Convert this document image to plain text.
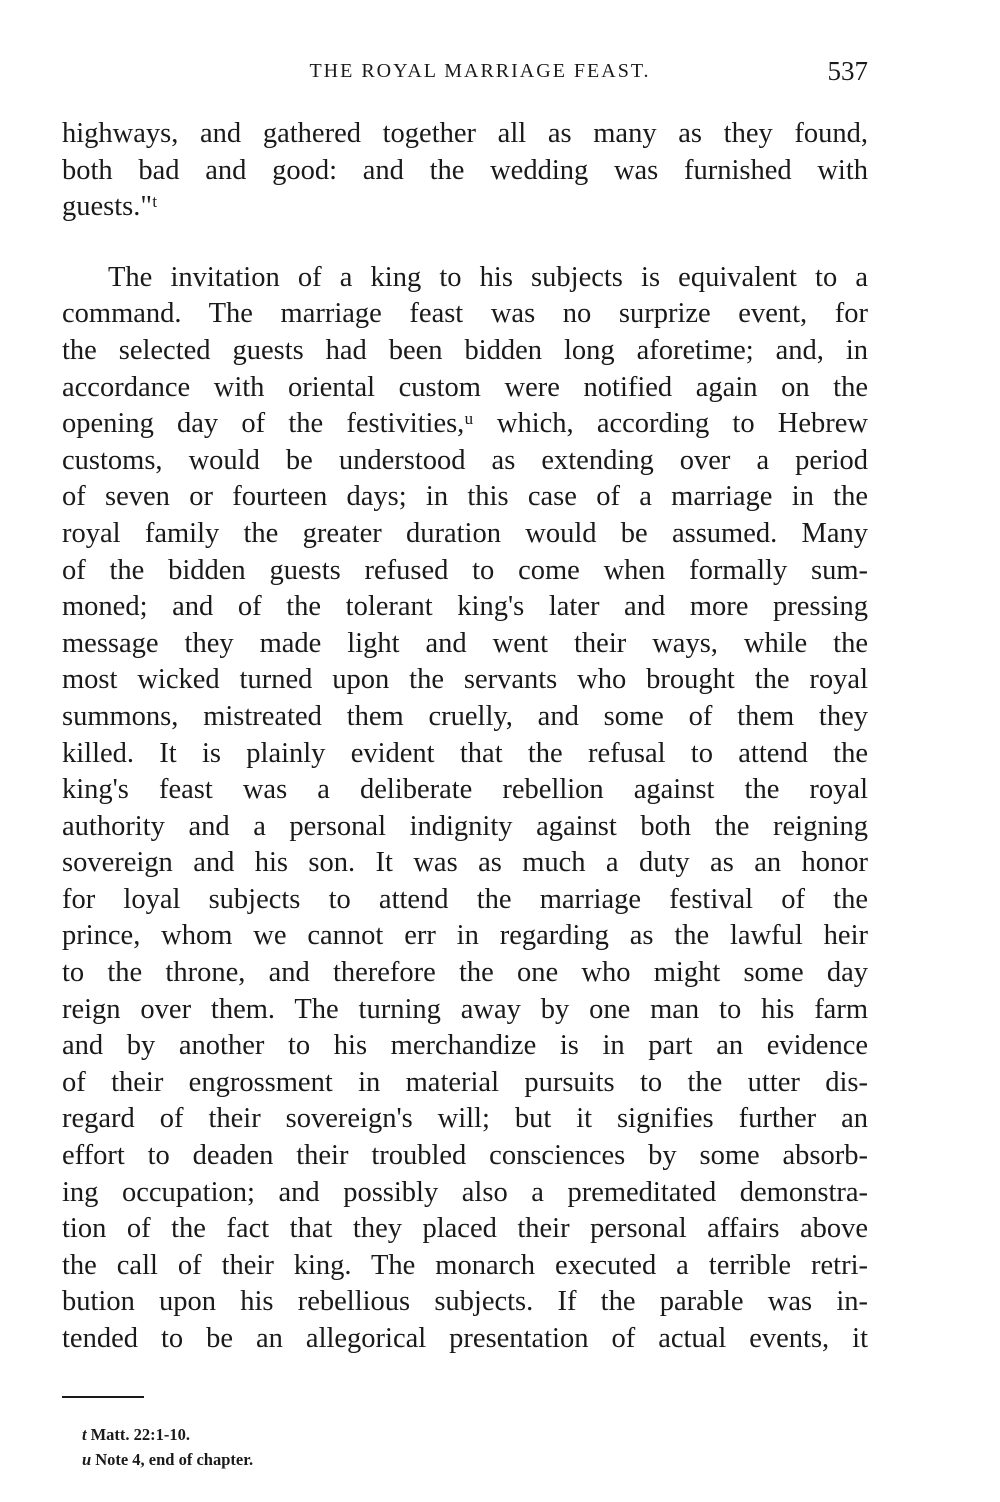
THE ROYAL MARRIAGE FEAST.	537
highways, and gathered together all as many as they found,
both bad and good: and the wedding was furnished with
guests."ᵗ
The invitation of a king to his subjects is equivalent to a
command. The marriage feast was no surprize event, for
the selected guests had been bidden long aforetime; and, in
accordance with oriental custom were notified again on the
opening day of the festivities,ᵘ which, according to Hebrew
customs, would be understood as extending over a period
of seven or fourteen days; in this case of a marriage in the
royal family the greater duration would be assumed. Many
of the bidden guests refused to come when formally sum-
moned; and of the tolerant king's later and more pressing
message they made light and went their ways, while the
most wicked turned upon the servants who brought the royal
summons, mistreated them cruelly, and some of them they
killed. It is plainly evident that the refusal to attend the
king's feast was a deliberate rebellion against the royal
authority and a personal indignity against both the reigning
sovereign and his son. It was as much a duty as an honor
for loyal subjects to attend the marriage festival of the
prince, whom we cannot err in regarding as the lawful heir
to the throne, and therefore the one who might some day
reign over them. The turning away by one man to his farm
and by another to his merchandize is in part an evidence
of their engrossment in material pursuits to the utter dis-
regard of their sovereign's will; but it signifies further an
effort to deaden their troubled consciences by some absorb-
ing occupation; and possibly also a premeditated demonstra-
tion of the fact that they placed their personal affairs above
the call of their king. The monarch executed a terrible retri-
bution upon his rebellious subjects. If the parable was in-
tended to be an allegorical presentation of actual events, it
t Matt. 22:1-10.
u Note 4, end of chapter.
